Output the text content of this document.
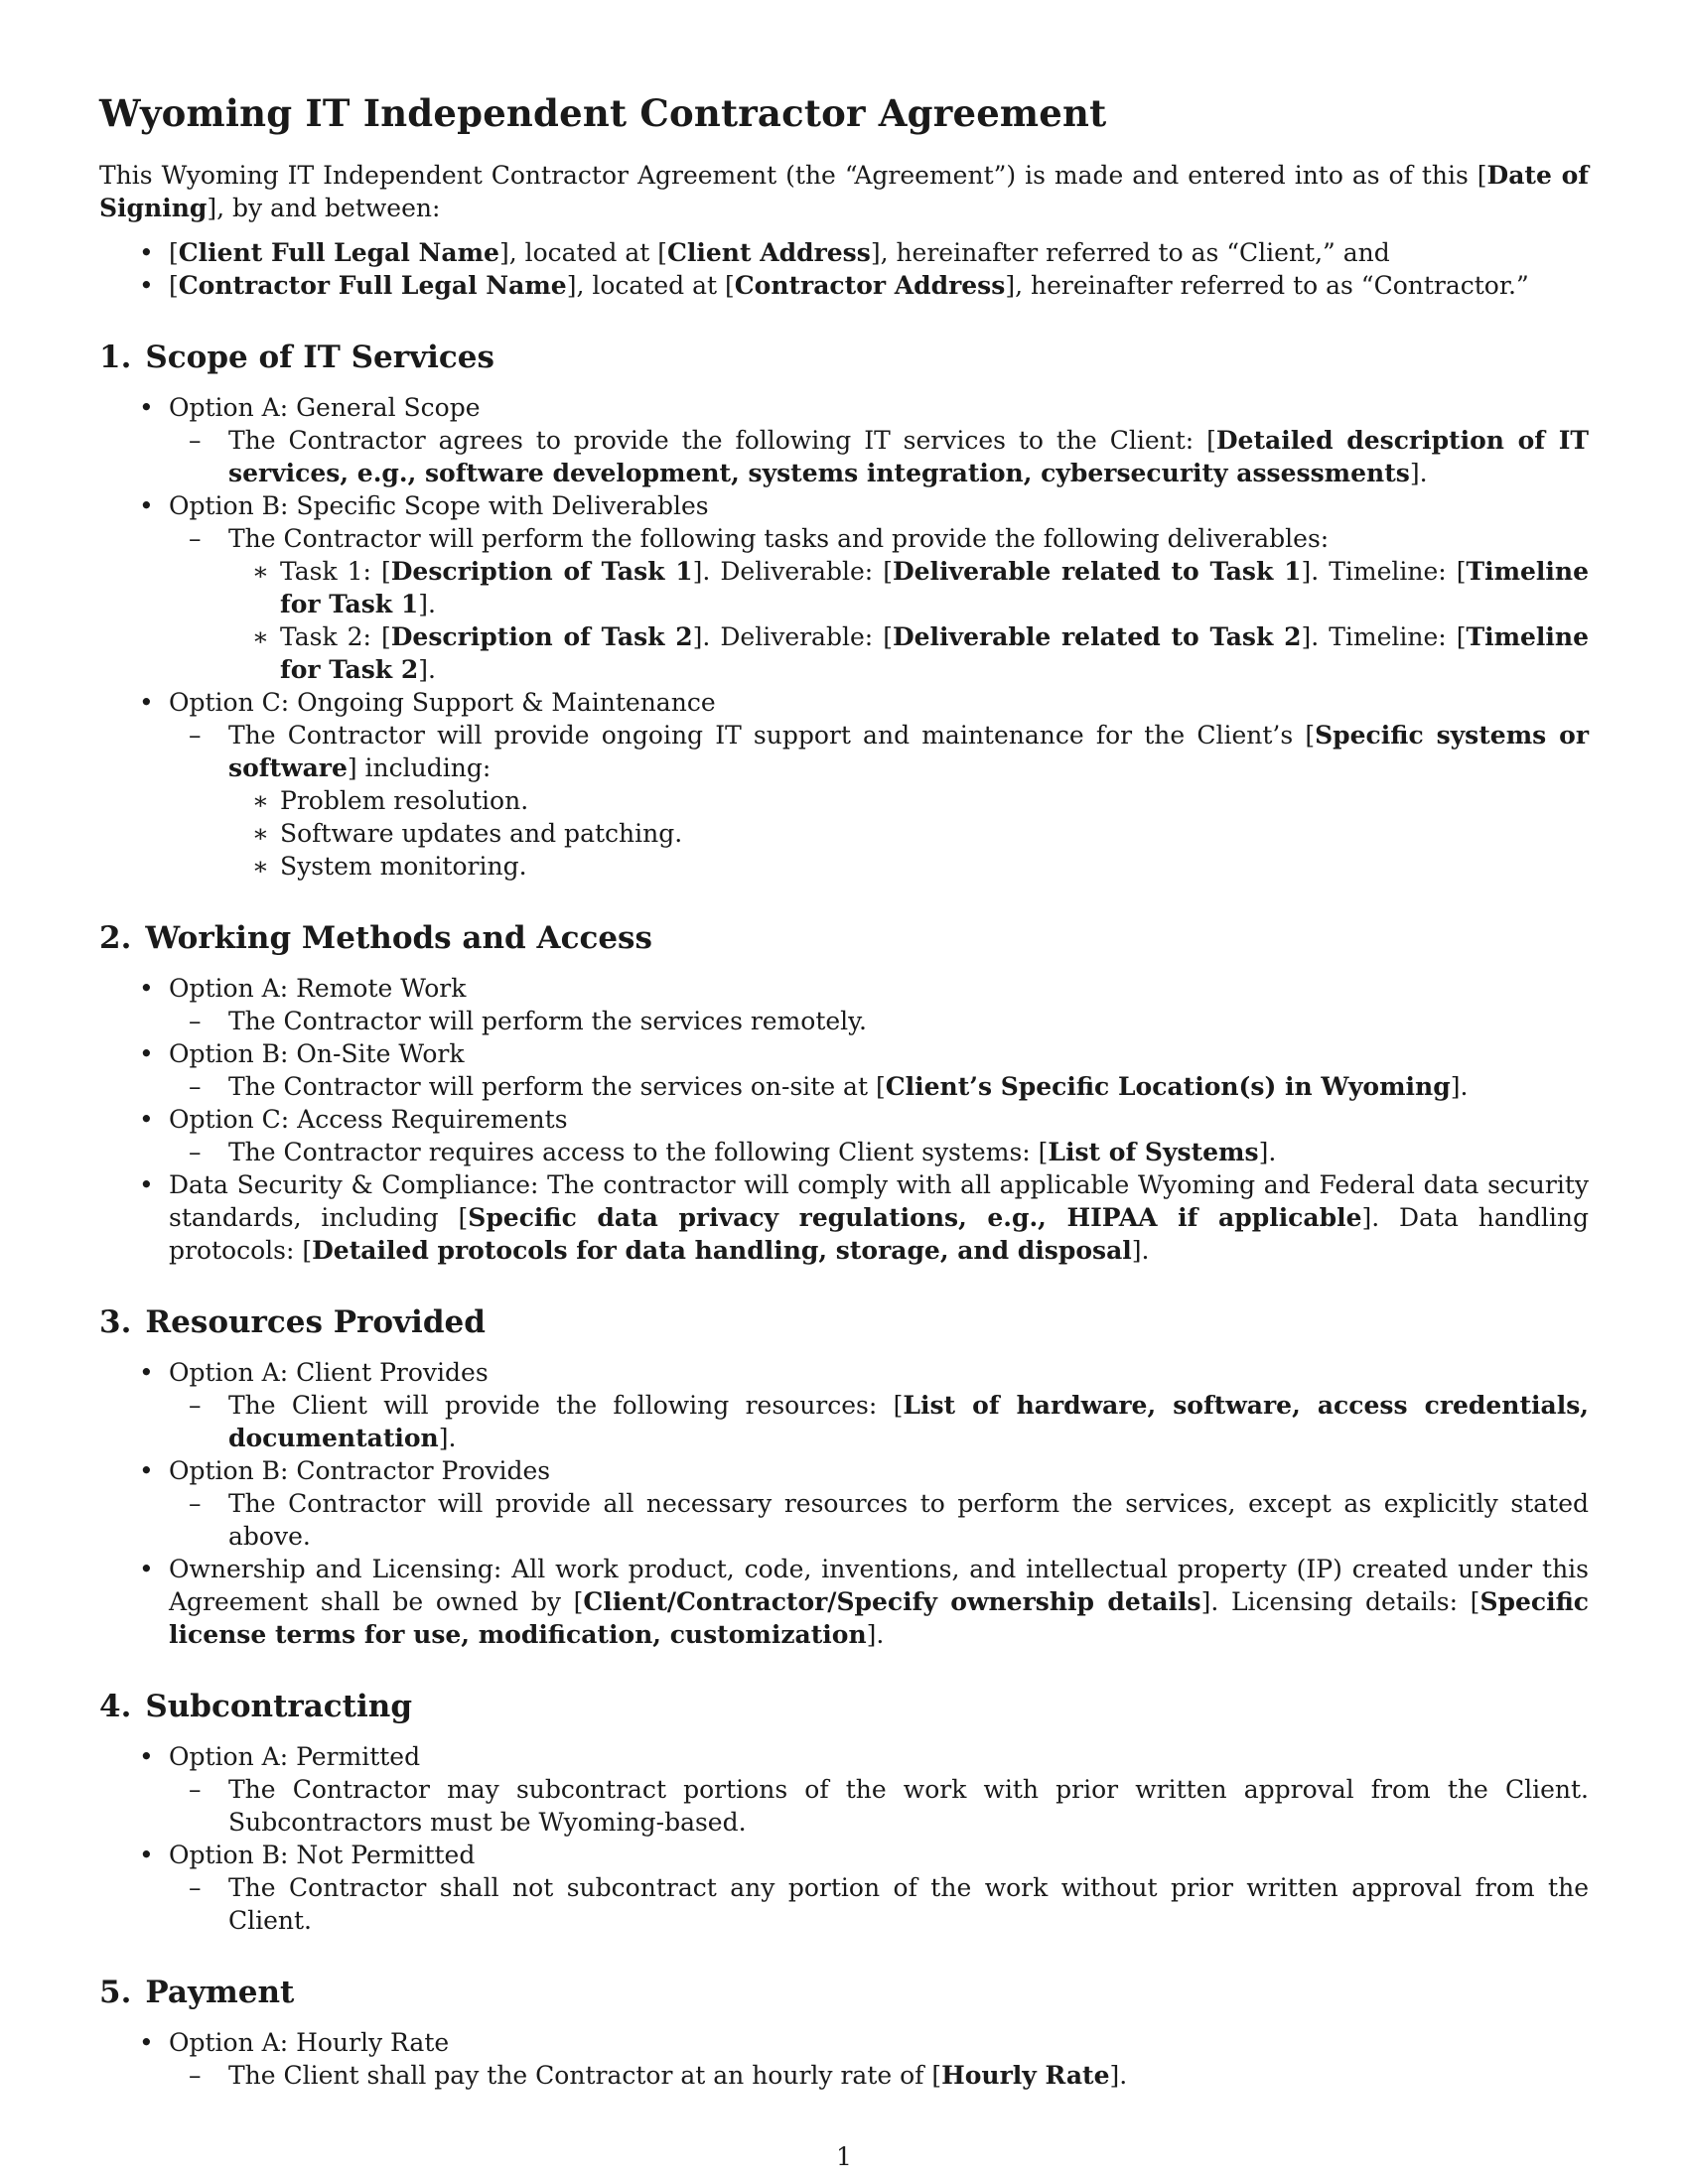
Wyoming IT Independent Contractor Agreement

This Wyoming IT Independent Contractor Agreement (the “Agreement”) is made and entered into as of this [Date of Signing], by and between:

• [Client Full Legal Name], located at [Client Address], hereinafter referred to as “Client,” and
• [Contractor Full Legal Name], located at [Contractor Address], hereinafter referred to as “Contractor.”
1. Scope of IT Services
• Option A: General Scope
– The Contractor agrees to provide the following IT services to the Client: [Detailed description of IT services, e.g., software development, systems integration, cybersecurity assessments].
• Option B: Specific Scope with Deliverables
– The Contractor will perform the following tasks and provide the following deliverables:
∗ Task 1: [Description of Task 1]. Deliverable: [Deliverable related to Task 1]. Timeline: [Timeline for Task 1].
∗ Task 2: [Description of Task 2]. Deliverable: [Deliverable related to Task 2]. Timeline: [Timeline for Task 2].
• Option C: Ongoing Support & Maintenance
– The Contractor will provide ongoing IT support and maintenance for the Client’s [Specific systems or software] including:
∗ Problem resolution.
∗ Software updates and patching.
∗ System monitoring.
2. Working Methods and Access
• Option A: Remote Work
– The Contractor will perform the services remotely.
• Option B: On-Site Work
– The Contractor will perform the services on-site at [Client’s Specific Location(s) in Wyoming].
• Option C: Access Requirements
– The Contractor requires access to the following Client systems: [List of Systems].
• Data Security & Compliance: The contractor will comply with all applicable Wyoming and Federal data security standards, including [Specific data privacy regulations, e.g., HIPAA if applicable]. Data handling protocols: [Detailed protocols for data handling, storage, and disposal].
3. Resources Provided
• Option A: Client Provides
– The Client will provide the following resources: [List of hardware, software, access credentials, documentation].
• Option B: Contractor Provides
– The Contractor will provide all necessary resources to perform the services, except as explicitly stated above.
• Ownership and Licensing: All work product, code, inventions, and intellectual property (IP) created under this Agreement shall be owned by [Client/Contractor/Specify ownership details]. Licensing details: [Specific license terms for use, modification, customization].
4. Subcontracting
• Option A: Permitted
– The Contractor may subcontract portions of the work with prior written approval from the Client. Subcontractors must be Wyoming-based.
• Option B: Not Permitted
– The Contractor shall not subcontract any portion of the work without prior written approval from the Client.
5. Payment
• Option A: Hourly Rate
– The Client shall pay the Contractor at an hourly rate of [Hourly Rate].
1
